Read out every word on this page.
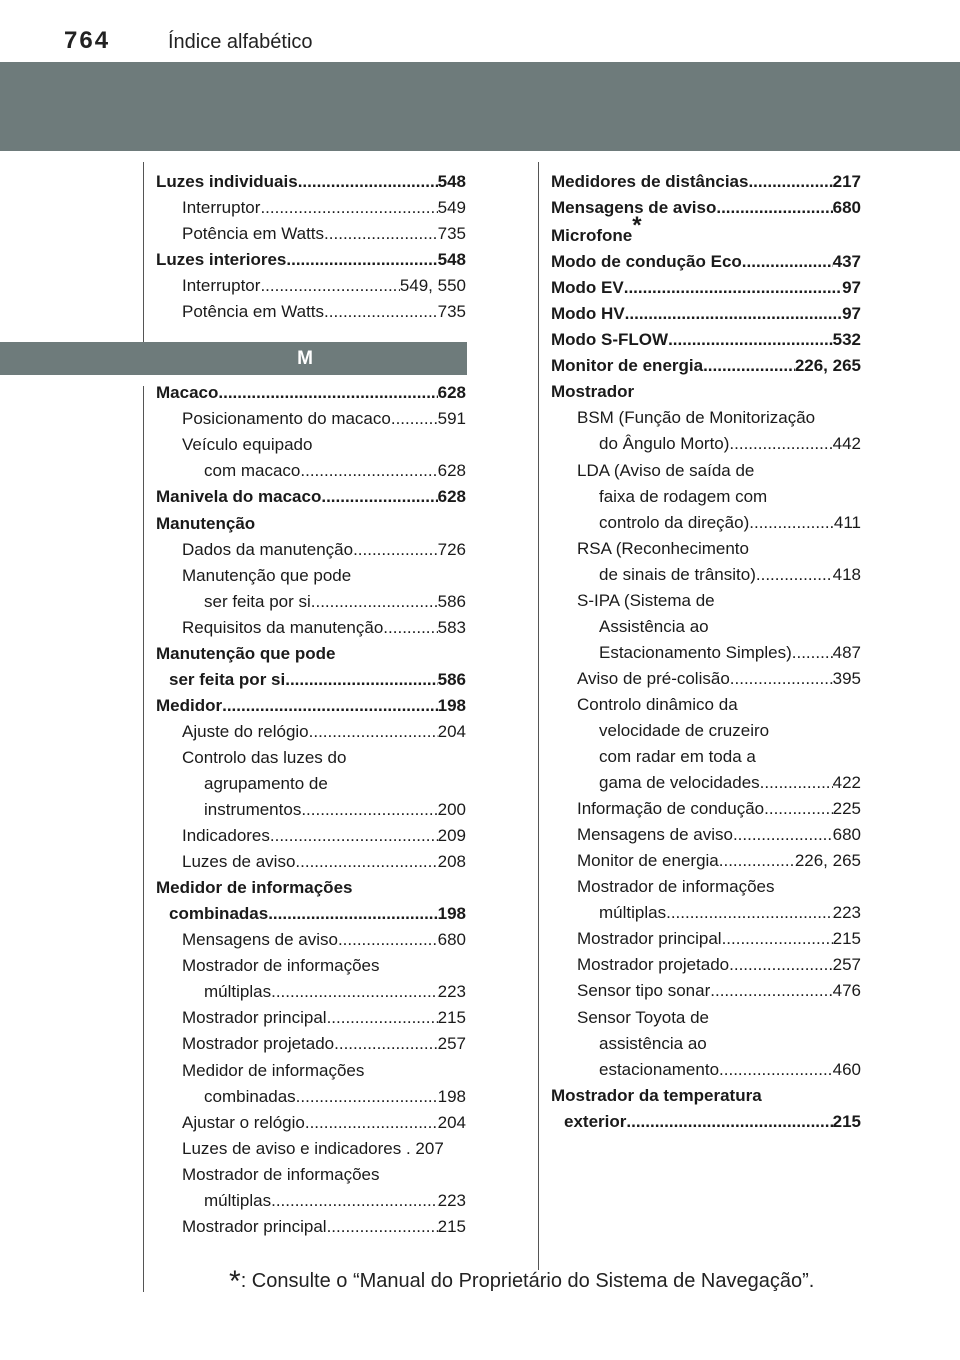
764	Índice alfabético
Luzes individuais .....	548
Interruptor .....	549
Potência em Watts .....	735
Luzes interiores .....	548
Interruptor .....	549, 550
Potência em Watts .....	735
M
Macaco .....	628
Posicionamento do macaco .....	591
Veículo equipado
com macaco .....	628
Manivela do macaco .....	628
Manutenção
Dados da manutenção .....	726
Manutenção que pode
ser feita por si .....	586
Requisitos da manutenção .....	583
Manutenção que pode
ser feita por si .....	586
Medidor .....	198
Ajuste do relógio .....	204
Controlo das luzes do
agrupamento de
instrumentos .....	200
Indicadores .....	209
Luzes de aviso .....	208
Medidor de informações
combinadas .....	198
Mensagens de aviso .....	680
Mostrador de informações
múltiplas .....	223
Mostrador principal .....	215
Mostrador projetado .....	257
Medidor de informações
combinadas .....	198
Ajustar o relógio .....	204
Luzes de aviso e indicadores . 207
Mostrador de informações
múltiplas .....	223
Mostrador principal .....	215
Medidores de distâncias .....	217
Mensagens de aviso .....	680
Microfone*
Modo de condução Eco .....	437
Modo EV .....	97
Modo HV .....	97
Modo S-FLOW .....	532
Monitor de energia .....	226, 265
Mostrador
BSM (Função de Monitorização
do Ângulo Morto) .....	442
LDA (Aviso de saída de
faixa de rodagem com
controlo da direção) .....	411
RSA (Reconhecimento
de sinais de trânsito) .....	418
S-IPA (Sistema de
Assistência ao
Estacionamento Simples) ..... 487
Aviso de pré-colisão .....	395
Controlo dinâmico da
velocidade de cruzeiro
com radar em toda a
gama de velocidades .....	422
Informação de condução .....	225
Mensagens de aviso .....	680
Monitor de energia .....	226, 265
Mostrador de informações
múltiplas .....	223
Mostrador principal .....	215
Mostrador projetado .....	257
Sensor tipo sonar .....	476
Sensor Toyota de
assistência ao
estacionamento .....	460
Mostrador da temperatura
exterior .....	215
*: Consulte o “Manual do Proprietário do Sistema de Navegação”.
